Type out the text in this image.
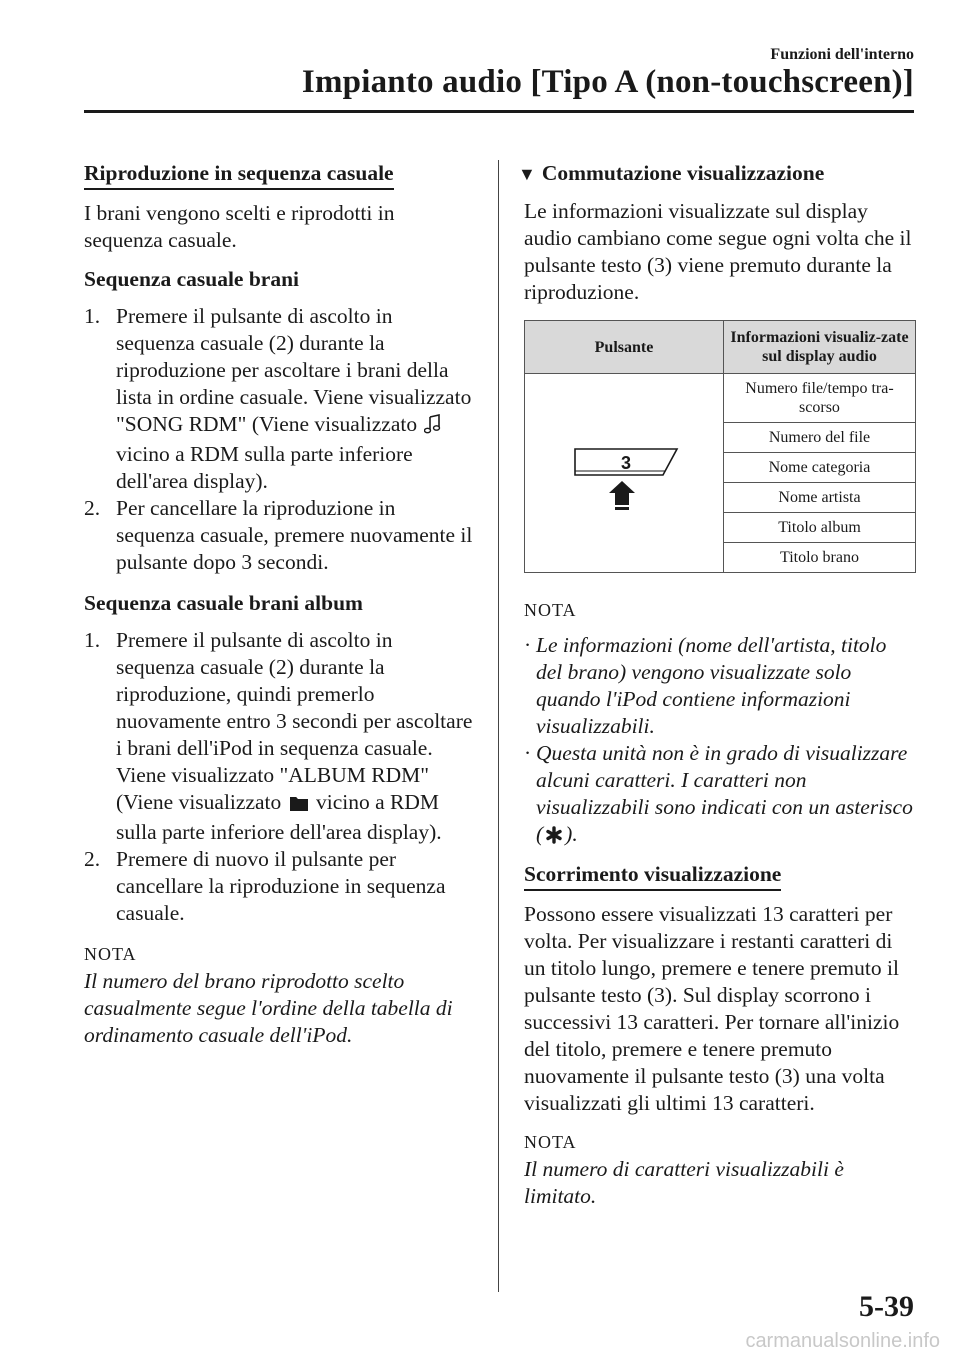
Funzioni dell'interno
Impianto audio [Tipo A (non-touchscreen)]
Riproduzione in sequenza casuale

I brani vengono scelti e riprodotti in sequenza casuale.

Sequenza casuale brani
1. Premere il pulsante di ascolto in sequenza casuale (2) durante la riproduzione per ascoltare i brani della lista in ordine casuale. Viene visualizzato "SONG RDM" (Viene visualizzato  vicino a RDM sulla parte inferiore dell'area display).
2. Per cancellare la riproduzione in sequenza casuale, premere nuovamente il pulsante dopo 3 secondi.
Sequenza casuale brani album
1. Premere il pulsante di ascolto in sequenza casuale (2) durante la riproduzione, quindi premerlo nuovamente entro 3 secondi per ascoltare i brani dell'iPod in sequenza casuale. Viene visualizzato "ALBUM RDM" (Viene visualizzato vicino a RDM sulla parte inferiore dell'area display).
2. Premere di nuovo il pulsante per cancellare la riproduzione in sequenza casuale.
NOTA

Il numero del brano riprodotto scelto casualmente segue l'ordine della tabella di ordinamento casuale dell'iPod.

▼ Commutazione visualizzazione

Le informazioni visualizzate sul display audio cambiano come segue ogni volta che il pulsante testo (3) viene premuto durante la riproduzione.

Pulsante	Informazioni visualiz-zate sul display audio

3	Numero file/tempo tra-scorso
	Numero del file
	Nome categoria
	Nome artista
	Titolo album
	Titolo brano
NOTA
· Le informazioni (nome dell'artista, titolo del brano) vengono visualizzate solo quando l'iPod contiene informazioni visualizzabili.
· Questa unità non è in grado di visualizzare alcuni caratteri. I caratteri non visualizzabili sono indicati con un asterisco ( ).
Scorrimento visualizzazione

Possono essere visualizzati 13 caratteri per volta. Per visualizzare i restanti caratteri di un titolo lungo, premere e tenere premuto il pulsante testo (3). Sul display scorrono i successivi 13 caratteri. Per tornare all'inizio del titolo, premere e tenere premuto nuovamente il pulsante testo (3) una volta visualizzati gli ultimi 13 caratteri.

NOTA

Il numero di caratteri visualizzabili è limitato.

5-39
carmanualsonline.info
